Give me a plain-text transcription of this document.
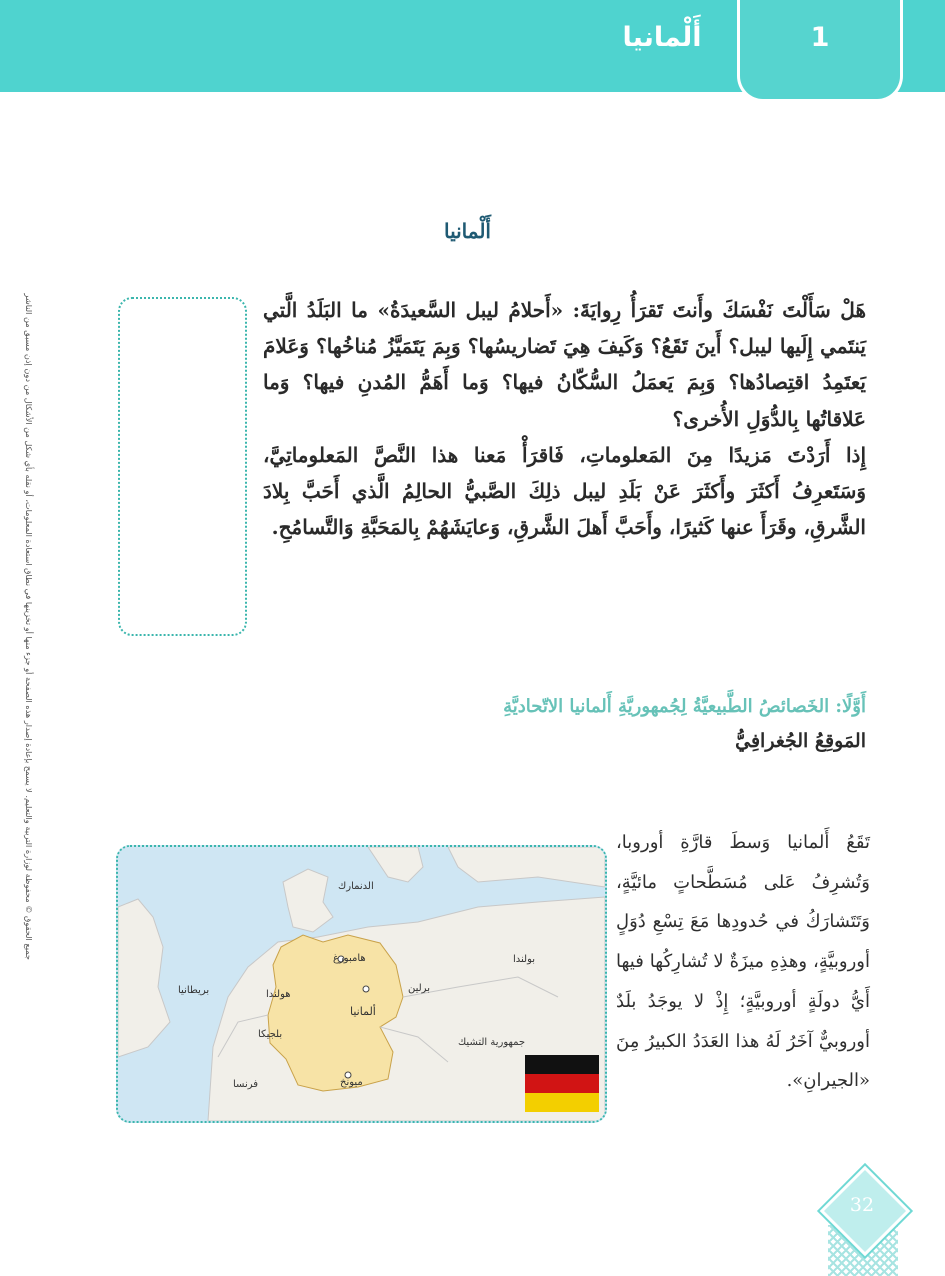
أَلْمانيا	1
أَلْمانيا
جميع الحقوق © محفوظة لوزارة التربية والتعليم. لا يسمح بإعادة إصدار هذه الصفحة أو جزء منها أو تخزينها في نطاق استعادة المعلومات، أو نقله بأي شكل من الأشكال من دون إذن مسبق من الناشر	هَلْ سَأَلْتَ نَفْسَكَ وأَنتَ تَقرَأُ رِوايَةَ: «أَحلامُ ليبل السَّعيدَةُ» ما البَلَدُ الَّتي يَنتَمي إِلَيها ليبل؟ أَينَ تَقَعُ؟ وَكَيفَ هِيَ تَضاريسُها؟ وَبِمَ يَتَمَيَّزُ مُناخُها؟ وَعَلامَ يَعتَمِدُ اقتِصادُها؟ وَبِمَ يَعمَلُ السُّكّانُ فيها؟ وَما أَهَمُّ المُدنِ فيها؟ وَما عَلاقاتُها بِالدُّوَلِ الأُخرى؟

إِذا أَرَدْتَ مَزيدًا مِنَ المَعلوماتِ، فَاقرَأْ مَعنا هذا النَّصَّ المَعلوماتِيَّ، وَسَتَعرِفُ أَكثَرَ وأَكثَرَ عَنْ بَلَدِ ليبل ذلِكَ الصَّبيُّ الحالِمُ الَّذي أَحَبَّ بِلادَ الشَّرقِ، وقَرَأَ عنها كَثيرًا، وأَحَبَّ أَهلَ الشَّرقِ، وَعايَشَهُمْ بِالمَحَبَّةِ وَالتَّسامُحِ.

أَوَّلًا: الخَصائصُ الطَّبيعيَّةُ لِجُمهوريَّةِ أَلمانيا الاتّحاديَّةِ
المَوقِعُ الجُغرافِيُّ
تَقَعُ أَلمانيا وَسطَ قارَّةِ أوروبا، وَتُشرِفُ عَلى مُسَطَّحاتٍ مائيَّةٍ، وَتَتَشارَكُ في حُدودِها مَعَ تِسْعِ دُوَلٍ أوروبيَّةٍ، وهذِهِ ميزَةٌ لا تُشارِكُها فيها أَيُّ دولَةٍ أوروبيَّةٍ؛ إِذْ لا يوجَدُ بلَدٌ أوروبيٌّ آخَرُ لَهُ هذا العَدَدُ الكبيرُ مِنَ «الجيرانِ».
الدنمارك
هامبورغ
بريطانيا	هولندا
برلين
بولندا
ألمانيا
بلجيكا
جمهورية التشيك
فرنسا	ميونخ
32
